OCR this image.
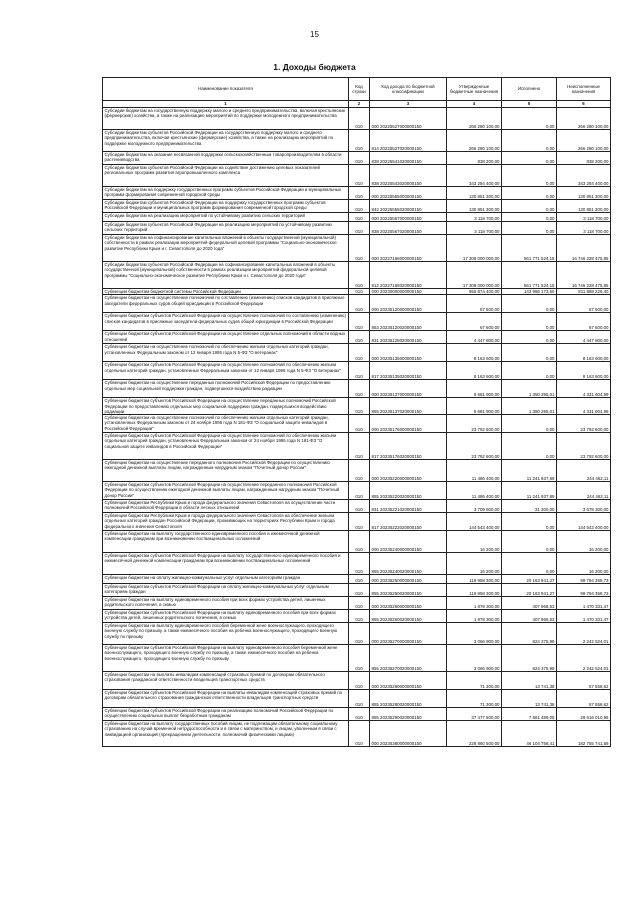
15
1. Доходы бюджета
Наименование показателя	Код строки	Код дохода по бюджетной классификации	Утвержденные бюджетные назначения	Исполнено	Неисполненные назначения
1	2	3	4	5	6
Субсидии бюджетам на государственную поддержку малого и среднего предпринимательства, включая крестьянские (фермерские) хозяйства, а также на реализацию мероприятий по поддержке молодежного предпринимательства	010	000 20225527000000150	266 280 100,00	0,00	266 280 100,00
Субсидии бюджетам субъектов Российской Федерации на государственную поддержку малого и среднего предпринимательства, включая крестьянские (фермерские) хозяйства, а также на реализацию мероприятий по поддержке молодежного предпринимательства	010	814 20225527020000150	266 280 100,00	0,00	266 280 100,00
Субсидии бюджетам на оказание несвязанной поддержки сельскохозяйственным товаропроизводителям в области растениеводства	010	838 20225541020000150	838 200,00	0,00	838 200,00
Субсидии бюджетам субъектов Российской Федерации на содействие достижению целевых показателей региональных программ развития агропромышленного комплекса	010	838 20225543020000150	343 284 400,00	0,00	343 284 400,00
Субсидии бюджетам на поддержку государственных программ субъектов Российской Федерации и муниципальных программ формирования современной городской среды	010	000 20225555000000150	130 851 300,00	0,00	130 851 300,00
Субсидии бюджетам субъектов Российской Федерации на поддержку государственных программ субъектов Российской Федерации и муниципальных программ формирования современной городской среды	010	842 20225555020000150	130 851 300,00	0,00	130 851 300,00
Субсидии бюджетам на реализацию мероприятий по устойчивому развитию сельских территорий	010	000 20225567000000150	3 118 700,00	0,00	3 118 700,00
Субсидии бюджетам субъектов Российской Федерации на реализацию мероприятий по устойчивому развитию сельских территорий	010	838 20225567020000150	3 118 700,00	0,00	3 118 700,00
Субсидии бюджетам на софинансирование капитальных вложений в объекты государственной (муниципальной) собственности в рамках реализации мероприятий федеральной целевой программы "Социально-экономическое развитие Республики Крым и г. Севастополя до 2020 года"	010	000 20227168000000150	17 308 000 000,00	561 771 524,15	16 746 228 475,85
Субсидии бюджетам субъектов Российской Федерации на софинансирование капитальных вложений в объекты государственной (муниципальной) собственности в рамках реализации мероприятий федеральной целевой программы "Социально-экономическое развитие Республики Крым и г. Севастополя до 2020 года"	010	812 20227168020000150	17 308 000 000,00	561 771 524,15	16 746 228 475,85
Субвенции бюджетам бюджетной системы Российской Федерации	010	000 20230000000000150	955 874 400,00	143 986 173,60	811 888 226,40
Субвенции бюджетам на осуществление полномочий по составлению (изменению) списков кандидатов в присяжные заседатели федеральных судов общей юрисдикции в Российской Федерации	010	000 20235120000000150	67 600,00	0,00	67 600,00
Субвенции бюджетам субъектов Российской Федерации на осуществление полномочий по составлению (изменению) списков кандидатов в присяжные заседатели федеральных судов общей юрисдикции в Российской Федерации	010	853 20235120020000150	67 600,00	0,00	67 600,00
Субвенции бюджетам субъектов Российской Федерации на осуществление отдельных полномочий в области водных отношений	010	831 20235128020000150	4 447 800,00	0,00	4 447 800,00
Субвенции бюджетам на осуществление полномочий по обеспечению жильем отдельных категорий граждан, установленных Федеральным законом от 12 января 1995 года N 5-ФЗ "О ветеранах"	010	000 20235135000000150	8 163 600,00	0,00	8 163 600,00
Субвенции бюджетам субъектов Российской Федерации на осуществление полномочий по обеспечению жильем отдельных категорий граждан, установленных Федеральным законом от 12 января 1995 года N 5-ФЗ "О ветеранах"	010	817 20235135020000150	8 163 600,00	0,00	8 163 600,00
Субвенции бюджетам на осуществление переданных полномочий Российской Федерации по предоставлению отдельных мер социальной поддержки граждан, подвергшихся воздействию радиации	010	000 20235137000000150	5 681 900,00	1 350 295,01	4 331 604,99
Субвенции бюджетам субъектов Российской Федерации на осуществление переданных полномочий Российской Федерации по предоставлению отдельных мер социальной поддержки граждан, подвергшихся воздействию радиации	010	855 20235137020000150	5 681 900,00	1 350 295,01	4 331 604,99
Субвенции бюджетам на осуществление полномочий по обеспечению жильем отдельных категорий граждан, установленных Федеральным законом от 24 ноября 1995 года N 181-ФЗ "О социальной защите инвалидов в Российской Федерации"	010	000 20235176000000150	23 792 600,00	0,00	23 792 600,00
Субвенции бюджетам субъектов Российской Федерации на осуществление полномочий по обеспечению жильем отдельных категорий граждан, установленных Федеральным законом от 24 ноября 1995 года N 181-ФЗ "О социальной защите инвалидов в Российской Федерации"	010	817 20235176020000150	23 792 600,00	0,00	23 792 600,00
Субвенции бюджетам на осуществление переданного полномочия Российской Федерации по осуществлению ежегодной денежной выплаты лицам, награжденным нагрудным знаком "Почетный донор России"	010	000 20235220000000150	11 486 400,00	11 241 937,89	244 462,11
Субвенции бюджетам субъектов Российской Федерации на осуществление переданного полномочия Российской Федерации по осуществлению ежегодной денежной выплаты лицам, награжденным нагрудным знаком "Почетный донор России"	010	855 20235220020000150	11 486 400,00	11 241 937,89	244 462,11
Субвенции бюджетам Республики Крым и города федерального значения Севастополя на осуществление части полномочий Российской Федерации в области лесных отношений	010	831 20235221020000150	3 709 600,00	31 300,00	3 678 300,00
Субвенции бюджетам Республики Крым и города федерального значения Севастополя на обеспечение жильем отдельных категорий граждан Российской Федерации, проживающих на территориях Республики Крым и города федерального значения Севастополя	010	817 20235222020000150	144 543 400,00	0,00	144 543 400,00
Субвенции бюджетам на выплату государственного единовременного пособия и ежемесячной денежной компенсации гражданам при возникновении поствакцинальных осложнений	010	000 20235240000000150	16 200,00	0,00	16 200,00
Субвенции бюджетам субъектов Российской Федерации на выплату государственного единовременного пособия и ежемесячной денежной компенсации гражданам при возникновении поствакцинальных осложнений	010	855 20235240020000150	16 200,00	0,00	16 200,00
Субвенции бюджетам на оплату жилищно-коммунальных услуг отдельным категориям граждан	010	000 20235250000000150	119 958 300,00	20 163 941,27	99 794 358,73
Субвенции бюджетам субъектов Российской Федерации на оплату жилищно-коммунальных услуг отдельным категориям граждан	010	855 20235250020000150	119 958 300,00	20 163 941,27	99 794 358,73
Субвенции бюджетам на выплату единовременного пособия при всех формах устройства детей, лишенных родительского попечения, в семью	010	000 20235260000000150	1 878 300,00	407 968,53	1 470 331,47
Субвенции бюджетам субъектов Российской Федерации на выплату единовременного пособия при всех формах устройства детей, лишенных родительского попечения, в семью	010	855 20235260020000150	1 878 300,00	407 968,53	1 470 331,47
Субвенции бюджетам на выплату единовременного пособия беременной жене военнослужащего, проходящего военную службу по призыву, а также ежемесячного пособия на ребенка военнослужащего, проходящего военную службу по призыву	010	000 20235270000000150	3 066 900,00	824 375,99	2 242 524,01
Субвенции бюджетам субъектов Российской Федерации на выплату единовременного пособия беременной жене военнослужащего, проходящего военную службу по призыву, а также ежемесячного пособия на ребенка военнослужащего, проходящего военную службу по призыву	010	855 20235270020000150	3 066 900,00	824 375,99	2 242 524,01
Субвенции бюджетам на выплаты инвалидам компенсаций страховых премий по договорам обязательного страхования гражданской ответственности владельцев транспортных средств	010	000 20235280000000150	71 300,00	13 741,38	57 558,62
Субвенции бюджетам субъектов Российской Федерации на выплаты инвалидам компенсаций страховых премий по договорам обязательного страхования гражданской ответственности владельцев транспортных средств	010	855 20235280020000150	71 300,00	13 741,38	57 558,62
Субвенции бюджетам субъектов Российской Федерации на реализацию полномочий Российской Федерации по осуществлению социальных выплат безработным гражданам	010	855 20235290020000150	37 477 500,00	7 861 489,05	29 616 010,95
Субвенции бюджетам на выплату государственных пособий лицам, не подлежащим обязательному социальному страхованию на случай временной нетрудоспособности и в связи с материнством, и лицам, уволенным в связи с ликвидацией организаций (прекращением деятельности, полномочий физическими лицами)	010	000 20235380000000150	228 860 500,00	46 104 758,41	182 755 741,59
